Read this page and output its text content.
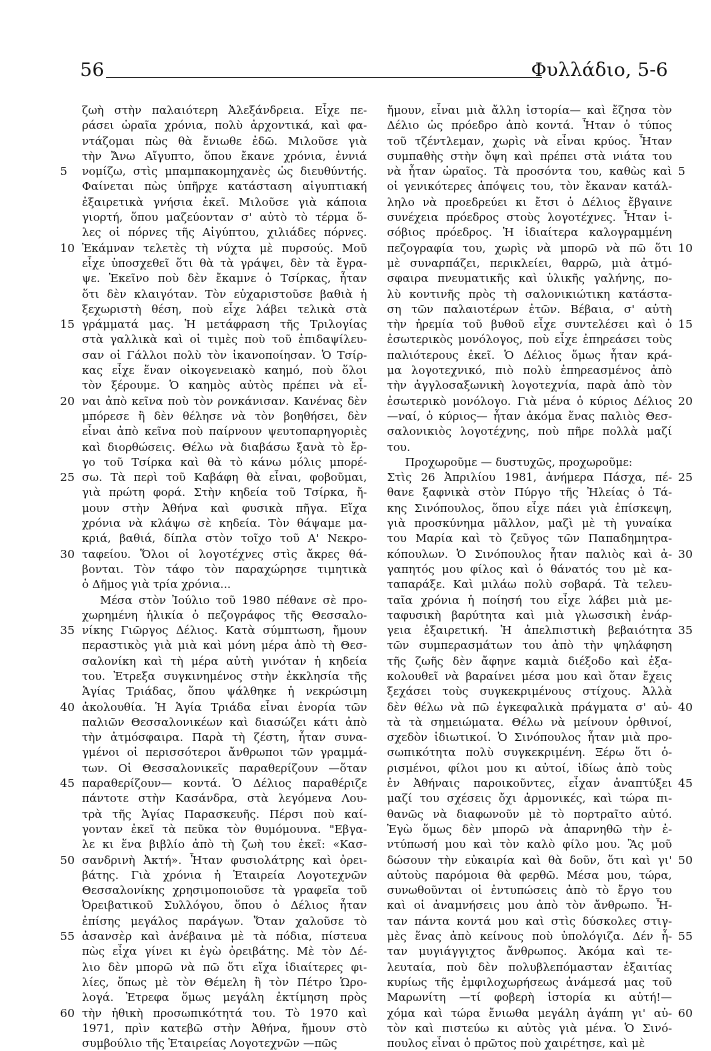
56	Φυλλάδιο, 5-6
5
10
15
20
25
30
35
40
45
50
55
60
ζωὴ στὴν παλαιότερη Ἀλεξάνδρεια. Εἶχε πε-
ράσει ὡραῖα χρόνια, πολὺ ἀρχοντικά, καὶ φα-
ντάζομαι πὼς θὰ ἔνιωθε ἐδῶ. Μιλοῦσε γιὰ
τὴν Ἄνω Αἴγυπτο, ὅπου ἔκανε χρόνια, ἐννιά
νομίζω, στὶς μπαμπακομηχανὲς ὡς διευθύντής.
Φαίνεται πὼς ὑπῆρχε κατάσταση αἰγυπτιακή
ἐξαιρετικὰ γνήσια ἐκεῖ. Μιλοῦσε γιὰ κάποια
γιορτή, ὅπου μαζεύονταν σ' αὐτὸ τὸ τέρμα ὅ-
λες οἱ πόρνες τῆς Αἰγύπτου, χιλιάδες πόρνες.
Ἐκάμναν τελετὲς τὴ νύχτα μὲ πυρσούς. Μοῦ
εἶχε ὑποσχεθεῖ ὅτι θὰ τὰ γράψει, δὲν τὰ ἔγρα-
ψε. Ἐκεῖνο ποὺ δὲν ἔκαμνε ὁ Τσίρκας, ἦταν
ὅτι δὲν κλαιγόταν. Τὸν εὐχαριστοῦσε βαθιὰ ἡ
ξεχωριστὴ θέση, ποὺ εἶχε λάβει τελικὰ στὰ
γράμματά μας. Ἡ μετάφραση τῆς Τριλογίας
στὰ γαλλικὰ καὶ οἱ τιμὲς ποὺ τοῦ ἐπιδαψίλευ-
σαν οἱ Γάλλοι πολὺ τὸν ἱκανοποίησαν. Ὁ Τσίρ-
κας εἶχε ἕναν οἰκογενειακὸ καημό, ποὺ ὅλοι
τὸν ξέρουμε. Ὁ καημὸς αὐτὸς πρέπει νὰ εἶ-
ναι ἀπὸ κεῖνα ποὺ τὸν ρονκάνισαν. Κανένας δὲν
μπόρεσε ἢ δὲν θέλησε νὰ τὸν βοηθήσει, δὲν
εἶναι ἀπὸ κεῖνα ποὺ παίρνουν ψευτοπαρηγοριὲς
καὶ διορθώσεις. Θέλω νὰ διαβάσω ξανὰ τὸ ἔρ-
γο τοῦ Τσίρκα καὶ θὰ τὸ κάνω μόλις μπορέ-
σω. Τὰ περὶ τοῦ Καβάφη θὰ εἶναι, φοβοῦμαι,
γιὰ πρώτη φορά. Στὴν κηδεία τοῦ Τσίρκα, ἤ-
μουν στὴν Ἀθήνα καὶ φυσικὰ πῆγα. Εἴχα
χρόνια νὰ κλάψω σὲ κηδεία. Τὸν θάψαμε μα-
κριά, βαθιά, δίπλα στὸν τοῖχο τοῦ Α' Νεκρο-
ταφείου. Ὅλοι οἱ λογοτέχνες στὶς ἄκρες θά-
βονται. Τὸν τάφο τὸν παραχώρησε τιμητικὰ
ὁ Δῆμος γιὰ τρία χρόνια...
Μέσα στὸν Ἰούλιο τοῦ 1980 πέθανε σὲ προ-
χωρημένη ἡλικία ὁ πεζογράφος τῆς Θεσσαλο-
νίκης Γιῶργος Δέλιος. Κατὰ σύμπτωση, ἤμουν
περαστικὸς γιὰ μιὰ καὶ μόνη μέρα ἀπὸ τὴ Θεσ-
σαλονίκη καὶ τὴ μέρα αὐτὴ γινόταν ἡ κηδεία
του. Ἐτρεξα συγκινημένος στὴν ἐκκλησία τῆς
Ἁγίας Τριάδας, ὅπου ψάλθηκε ἡ νεκρώσιμη
ἀκολουθία. Ἡ Ἁγία Τριάδα εἶναι ἐνορία τῶν
παλιῶν Θεσσαλονικέων καὶ διασώζει κάτι ἀπὸ
τὴν ἀτμόσφαιρα. Παρὰ τὴ ζέστη, ἦταν συνα-
γμένοι οἱ περισσότεροι ἄνθρωποι τῶν γραμμά-
των. Οἱ Θεσσαλονικεῖς παραθερίζουν —ὅταν
παραθερίζουν— κοντά. Ὁ Δέλιος παραθέριζε
πάντοτε στὴν Κασάνδρα, στὰ λεγόμενα Λου-
τρὰ τῆς Ἁγίας Παρασκευῆς. Πέρσι ποὺ καί-
γονταν ἐκεῖ τὰ πεῦκα τὸν θυμόμουνα. "Εβγα-
λε κι ἕνα βιβλίο ἀπὸ τὴ ζωὴ του ἐκεῖ: «Κασ-
σανδρινὴ Ἀκτή». Ἦταν φυσιολάτρης καὶ ὀρει-
βάτης. Γιὰ χρόνια ἡ Ἑταιρεία Λογοτεχνῶν
Θεσσαλονίκης χρησιμοποιοῦσε τὰ γραφεῖα τοῦ
Ὀρειβατικοῦ Συλλόγου, ὅπου ὁ Δέλιος ἦταν
ἐπίσης μεγάλος παράγων. Ὅταν χαλοῦσε τὸ
ἀσανσὲρ καὶ ἀνέβαινα μὲ τὰ πόδια, πίστευα
πὼς εἶχα γίνει κι ἐγὼ ὀρειβάτης. Μὲ τὸν Δέ-
λιο δὲν μπορῶ νὰ πῶ ὅτι εἴχα ἰδιαίτερες φι-
λίες, ὅπως μὲ τὸν Θέμελη ἢ τὸν Πέτρο Ὡρο-
λογά. Ἐτρεφα ὅμως μεγάλη ἐκτίμηση πρὸς
τὴν ἠθικὴ προσωπικότητά του. Τὸ 1970 καὶ
1971, πρὶν κατεβῶ στὴν Ἀθήνα, ἤμουν στὸ
συμβούλιο τῆς Ἑταιρείας Λογοτεχνῶν —πῶς
ἤμουν, εἶναι μιὰ ἄλλη ἱστορία— καὶ ἔζησα τὸν
Δέλιο ὡς πρόεδρο ἀπὸ κοντά. Ἦταν ὁ τύπος
τοῦ τζέντλεμαν, χωρὶς νὰ εἶναι κρύος. Ἦταν
συμπαθὴς στὴν ὄψη καὶ πρέπει στὰ νιάτα του
νὰ ἦταν ὡραῖος. Τὰ προσόντα του, καθὼς καὶ
οἱ γενικότερες ἀπόψεις του, τὸν ἔκαναν κατάλ-
ληλο νὰ προεδρεύει κι ἔτσι ὁ Δέλιος ἔβγαινε
συνέχεια πρόεδρος στοὺς λογοτέχνες. Ἦταν ἰ-
σόβιος πρόεδρος. Ἡ ἰδιαίτερα καλογραμμένη
πεζογραφία του, χωρὶς νὰ μπορῶ νὰ πῶ ὅτι
μὲ συναρπάζει, περικλείει, θαρρῶ, μιὰ ἀτμό-
σφαιρα πνευματικῆς καὶ ὑλικῆς γαλήνης, πο-
λὺ κοντινῆς πρὸς τὴ σαλονικιώτικη κατάστα-
ση τῶν παλαιοτέρων ἐτῶν. Βέβαια, σ' αὐτὴ
τὴν ἠρεμία τοῦ βυθοῦ εἶχε συντελέσει καὶ ὁ
ἐσωτερικὸς μονόλογος, ποὺ εἶχε ἐπηρεάσει τοὺς
παλιότερους ἐκεῖ. Ὁ Δέλιος ὅμως ἦταν κρά-
μα λογοτεχνικό, πιὸ πολὺ ἐπηρεασμένος ἀπὸ
τὴν ἀγγλοσαξωνικὴ λογοτεχνία, παρὰ ἀπὸ τὸν
ἐσωτερικὸ μονόλογο. Γιὰ μένα ὁ κύριος Δέλιος
—ναί, ὁ κύριος— ἦταν ἀκόμα ἕνας παλιὸς Θεσ-
σαλονικιὸς λογοτέχνης, ποὺ πῆρε πολλὰ μαζί
του.
Προχωροῦμε — δυστυχῶς, προχωροῦμε:
Στὶς 26 Ἀπριλίου 1981, ἀνήμερα Πάσχα, πέ-
θανε ξαφνικὰ στὸν Πύργο τῆς Ἠλείας ὁ Τά-
κης Σινόπουλος, ὅπου εἶχε πάει γιὰ ἐπίσκεψη,
γιὰ προσκύνημα μᾶλλον, μαζὶ μὲ τὴ γυναίκα
του Μαρία καὶ τὸ ζεῦγος τῶν Παπαδημητρα-
κόπουλων. Ὁ Σινόπουλος ἦταν παλιὸς καὶ ἀ-
γαπητός μου φίλος καὶ ὁ θάνατός του μὲ κα-
ταπαράξε. Καὶ μιλάω πολὺ σοβαρά. Τὰ τελευ-
ταῖα χρόνια ἡ ποίησή του εἶχε λάβει μιὰ με-
ταφυσικὴ βαρύτητα καὶ μιὰ γλωσσικὴ ἐνάρ-
γεια ἐξαιρετική. Ἡ ἀπελπιστικὴ βεβαιότητα
τῶν συμπερασμάτων του ἀπὸ τὴν ψηλάφηση
τῆς ζωῆς δὲν ἄφηνε καμιὰ διέξοδο καὶ ἐξα-
κολουθεῖ νὰ βαραίνει μέσα μου καὶ ὅταν ἔχεις
ξεχάσει τοὺς συγκεκριμένους στίχους. Ἀλλὰ
δὲν θέλω νὰ πῶ ἐγκεφαλικὰ πράγματα σ' αὐ-
τὰ τὰ σημειώματα. Θέλω νὰ μείνουν ὁρθινοί,
σχεδὸν ἰδιωτικοί. Ὁ Σινόπουλος ἦταν μιὰ προ-
σωπικότητα πολὺ συγκεκριμένη. Ξέρω ὅτι ὁ-
ρισμένοι, φίλοι μου κι αὐτοί, ἰδίως ἀπὸ τοὺς
ἐν Ἀθήναις παροικοῦντες, εἶχαν ἀναπτύξει
μαζί του σχέσεις ὄχι ἁρμονικές, καὶ τώρα πι-
θανῶς νὰ διαφωνοῦν μὲ τὸ πορτραῖτο αὐτό.
Ἐγὼ ὅμως δὲν μπορῶ νὰ ἀπαρνηθῶ τὴν ἐ-
ντύπωσή μου καὶ τὸν καλὸ φίλο μου. Ἂς μοῦ
δώσουν τὴν εὐκαιρία καὶ θὰ δοῦν, ὅτι καὶ γι'
αὐτοὺς παρόμοια θὰ φερθῶ. Μέσα μου, τώρα,
συνωθοῦνται οἱ ἐντυπώσεις ἀπὸ τὸ ἔργο του
καὶ οἱ ἀναμνήσεις μου ἀπὸ τὸν ἄνθρωπο. Ἦ-
ταν πάντα κοντά μου καὶ στὶς δύσκολες στιγ-
μὲς ἕνας ἀπὸ κείνους ποὺ ὑπολόγιζα. Δέν ἦ-
ταν μυγιάγγιχτος ἄνθρωπος. Ἀκόμα καὶ τε-
λευταία, ποὺ δὲν πολυβλεπόμασταν ἐξαιτίας
κυρίως τῆς ἐμφιλοχωρήσεως ἀνάμεσά μας τοῦ
Μαρωνίτη —τί φοβερὴ ἱστορία κι αὐτή!—
χόμα καὶ τώρα ἔνιωθα μεγάλη ἀγάπη γι' αὐ-
τὸν καὶ πιστεύω κι αὐτὸς γιὰ μένα. Ὁ Σινό-
πουλος εἶναι ὁ πρῶτος ποὺ χαιρέτησε, καὶ μὲ
5
10
15
20
25
30
35
40
45
50
55
60
